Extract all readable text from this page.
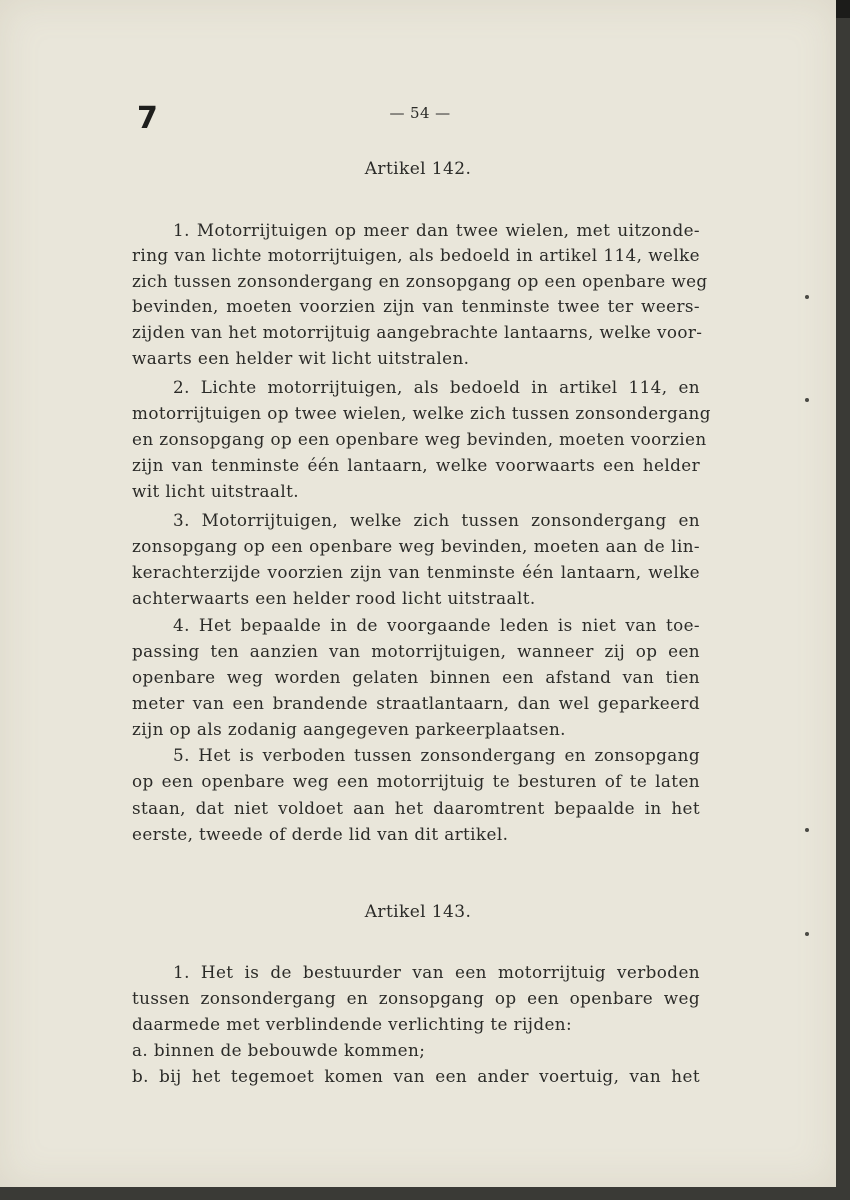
7	— 54 —
Artikel 142.
1. Motorrijtuigen op meer dan twee wielen, met uitzonde-
ring van lichte motorrijtuigen, als bedoeld in artikel 114, welke
zich tussen zonsondergang en zonsopgang op een openbare weg
bevinden, moeten voorzien zijn van tenminste twee ter weers-
zijden van het motorrijtuig aangebrachte lantaarns, welke voor-
waarts een helder wit licht uitstralen.
2. Lichte motorrijtuigen, als bedoeld in artikel 114, en
motorrijtuigen op twee wielen, welke zich tussen zonsondergang
en zonsopgang op een openbare weg bevinden, moeten voorzien
zijn van tenminste één lantaarn, welke voorwaarts een helder
wit licht uitstraalt.
3. Motorrijtuigen, welke zich tussen zonsondergang en
zonsopgang op een openbare weg bevinden, moeten aan de lin-
kerachterzijde voorzien zijn van tenminste één lantaarn, welke
achterwaarts een helder rood licht uitstraalt.
4. Het bepaalde in de voorgaande leden is niet van toe-
passing ten aanzien van motorrijtuigen, wanneer zij op een
openbare weg worden gelaten binnen een afstand van tien
meter van een brandende straatlantaarn, dan wel geparkeerd
zijn op als zodanig aangegeven parkeerplaatsen.
5. Het is verboden tussen zonsondergang en zonsopgang
op een openbare weg een motorrijtuig te besturen of te laten
staan, dat niet voldoet aan het daaromtrent bepaalde in het
eerste, tweede of derde lid van dit artikel.
Artikel 143.
1. Het is de bestuurder van een motorrijtuig verboden
tussen zonsondergang en zonsopgang op een openbare weg
daarmede met verblindende verlichting te rijden:
a. binnen de bebouwde kommen;
b. bij het tegemoet komen van een ander voertuig, van het
